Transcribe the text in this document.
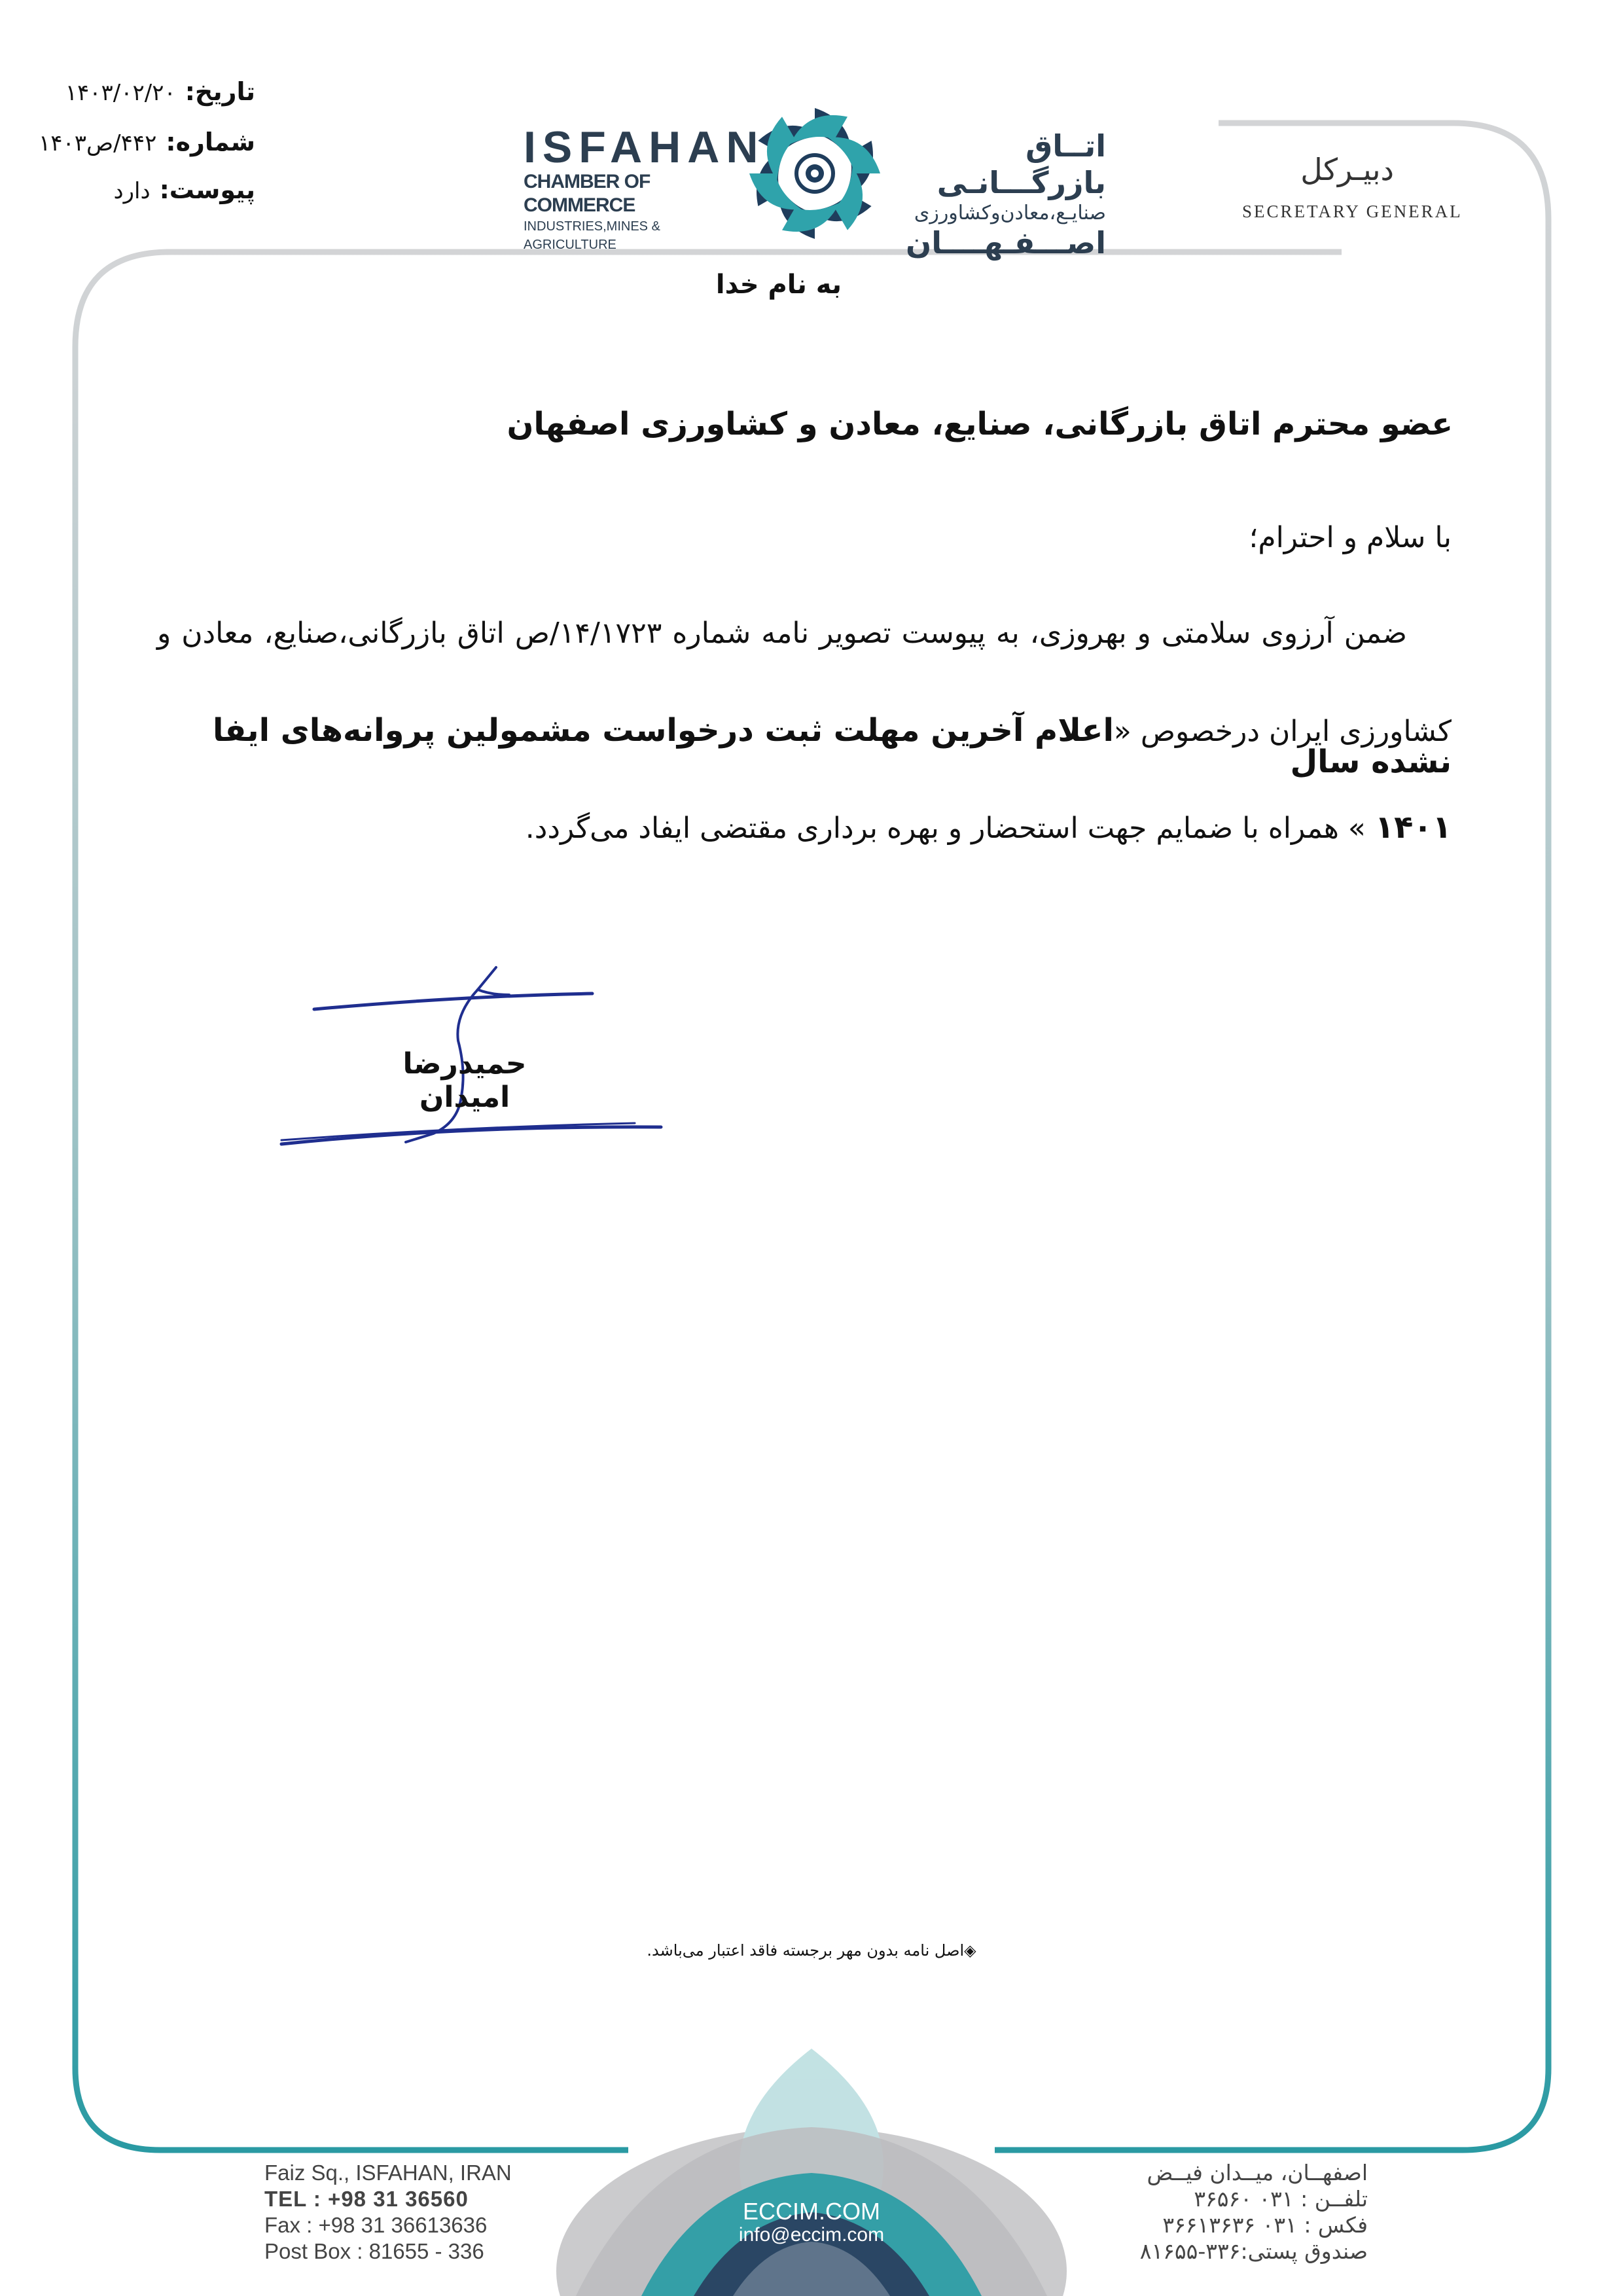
تاریخ:۱۴۰۳/۰۲/۲۰
شماره:۴۴۲/ص۱۴۰۳
پیوست:دارد
ISFAHAN
CHAMBER OF COMMERCE
INDUSTRIES,MINES & AGRICULTURE
اتــاق بازرگـــانـی
صنایـع،معادن‌وکشاورزی
اصـــفـهــــان
دبیـرکل
SECRETARY GENERAL
به نام خدا
عضو محترم اتاق بازرگانی، صنایع، معادن و کشاورزی اصفهان
با سلام و احترام؛
ضمن آرزوی سلامتی و بهروزی، به پیوست تصویر نامه شماره ۱۴/۱۷۲۳/ص اتاق بازرگانی،صنایع، معادن و
کشاورزی ایران درخصوص «اعلام آخرین مهلت ثبت درخواست مشمولین پروانه‌های ایفا نشده سال
۱۴۰۱ » همراه با ضمایم جهت استحضار و بهره برداری مقتضی ایفاد می‌گردد.
حمیدرضا امیدان
◈اصل نامه بدون مهر برجسته فاقد اعتبار می‌باشد.
Faiz Sq., ISFAHAN, IRAN
TEL : +98 31 36560
Fax : +98 31 36613636
Post Box : 81655 - 336
ECCIM.COM
info@eccim.com
اصفهــان، میــدان فیــض
تلفــن : ۰۳۱ ۳۶۵۶۰
فکس : ۰۳۱ ۳۶۶۱۳۶۳۶
صندوق پستی:۳۳۶-۸۱۶۵۵
